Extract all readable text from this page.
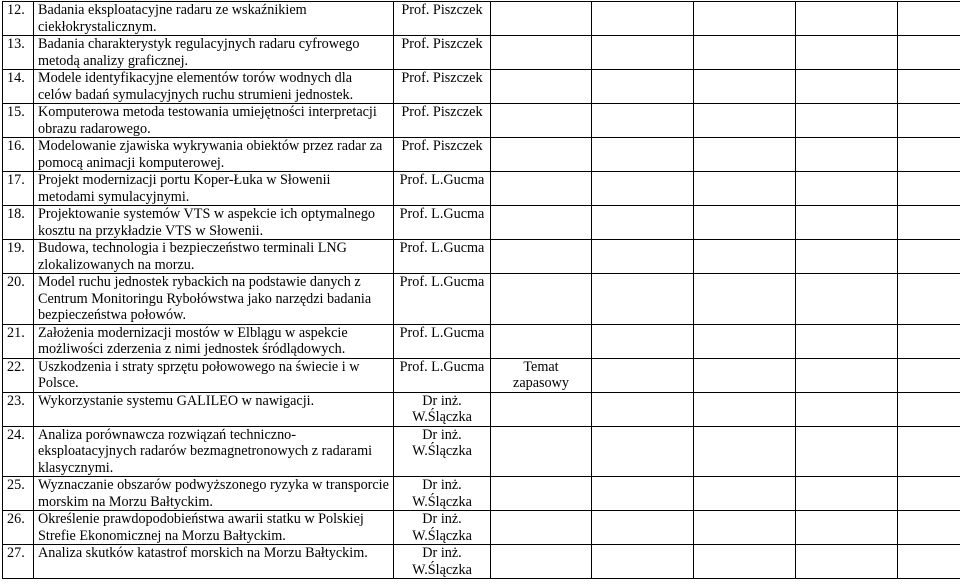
12.	Badania eksploatacyjne radaru ze wskaźnikiem ciekłokrystalicznym.	Prof. Piszczek					
13.	Badania charakterystyk regulacyjnych radaru cyfrowego metodą analizy graficznej.	Prof. Piszczek					
14.	Modele identyfikacyjne elementów torów wodnych dla celów badań symulacyjnych ruchu strumieni jednostek.	Prof. Piszczek					
15.	Komputerowa metoda testowania umiejętności interpretacji obrazu radarowego.	Prof. Piszczek					
16.	Modelowanie zjawiska wykrywania obiektów przez radar za pomocą animacji komputerowej.	Prof. Piszczek					
17.	Projekt modernizacji portu Koper-Łuka w Słowenii metodami symulacyjnymi.	Prof. L.Gucma					
18.	Projektowanie systemów VTS w aspekcie ich optymalnego kosztu na przykładzie VTS w Słowenii.	Prof. L.Gucma					
19.	Budowa, technologia i bezpieczeństwo terminali LNG zlokalizowanych na morzu.	Prof. L.Gucma					
20.	Model ruchu jednostek rybackich na podstawie danych z Centrum Monitoringu Rybołówstwa jako narzędzi badania bezpieczeństwa połowów.	Prof. L.Gucma					
21.	Założenia modernizacji mostów w Elblągu w aspekcie możliwości zderzenia z nimi jednostek śródlądowych.	Prof. L.Gucma					
22.	Uszkodzenia i straty sprzętu połowowego na świecie i w Polsce.	Prof. L.Gucma	Temat zapasowy				
23.	Wykorzystanie systemu GALILEO w nawigacji.	Dr inż. W.Ślączka					
24.	Analiza porównawcza rozwiązań techniczno-eksploatacyjnych radarów bezmagnetronowych z radarami klasycznymi.	Dr inż. W.Ślączka					
25.	Wyznaczanie obszarów podwyższonego ryzyka w transporcie morskim na Morzu Bałtyckim.	Dr inż. W.Ślączka					
26.	Określenie prawdopodobieństwa awarii statku w Polskiej Strefie Ekonomicznej na Morzu Bałtyckim.	Dr inż. W.Ślączka					
27.	Analiza skutków katastrof morskich na Morzu Bałtyckim.	Dr inż. W.Ślączka					
